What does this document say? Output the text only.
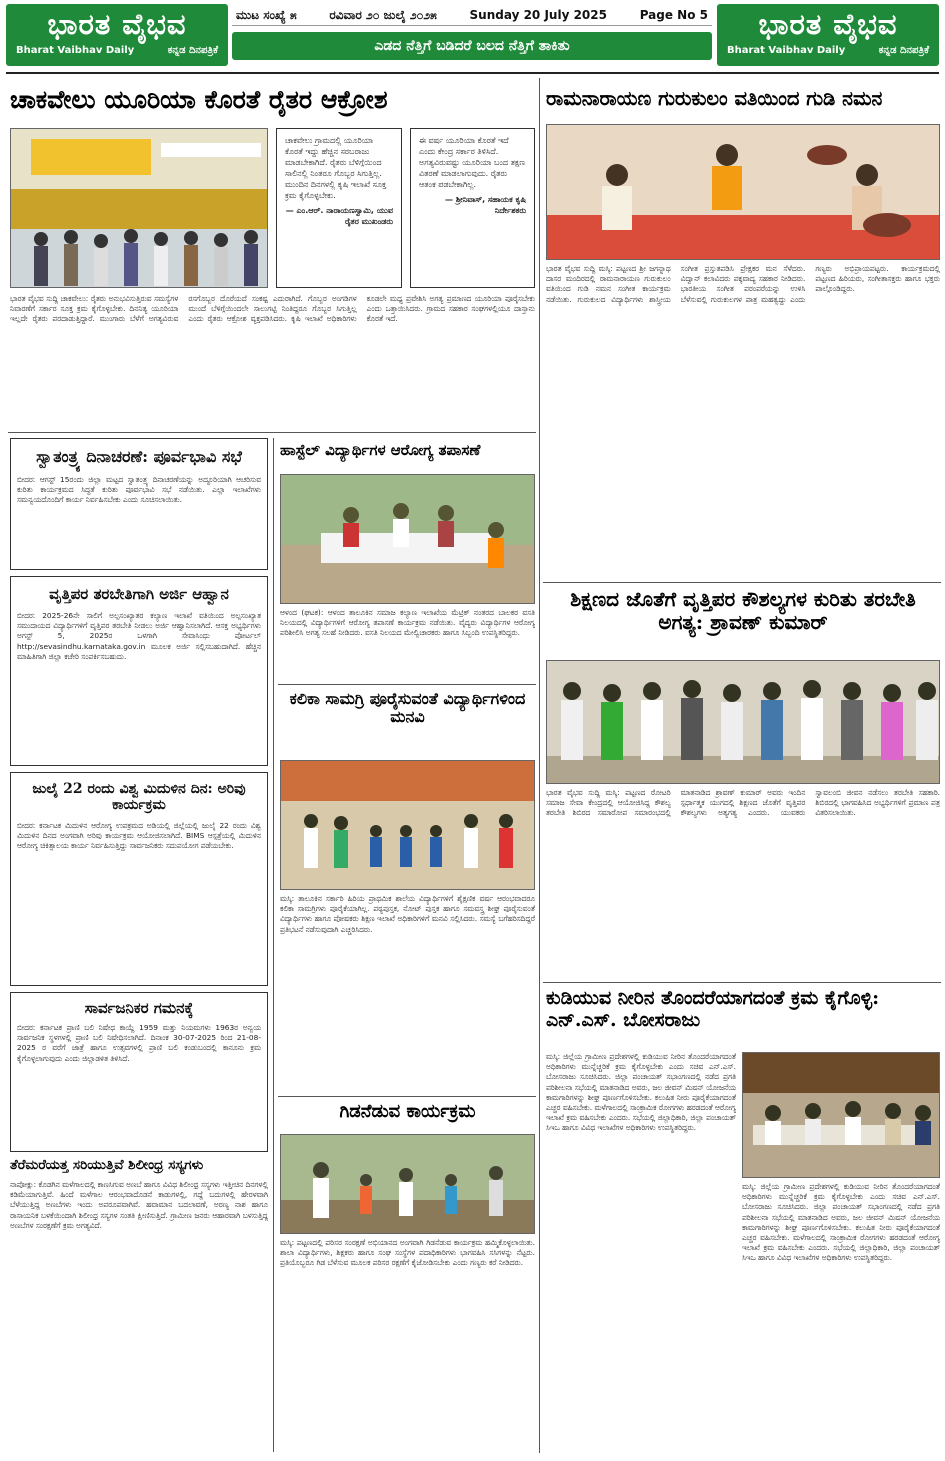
ಭಾರತ ವೈಭವ
Bharat Vaibhav Daily	ಕನ್ನಡ ದಿನಪತ್ರಿಕೆ
ಮುಟ ಸಂಖ್ಯೆ ೫	ರವಿವಾರ ೨೦ ಜುಲೈ ೨೦೨೫	Sunday 20 July 2025	Page No 5
ಎಡದ ನೆತ್ತಿಗೆ ಬಡಿದರೆ ಬಲದ ನೆತ್ತಿಗೆ ತಾಕಿತು
ಭಾರತ ವೈಭವ
Bharat Vaibhav Daily	ಕನ್ನಡ ದಿನಪತ್ರಿಕೆ
ಚಾಕವೇಲು ಯೂರಿಯಾ ಕೊರತೆ ರೈತರ ಆಕ್ರೋಶ
ಚಾಕವೇಲು ಗ್ರಾಮದಲ್ಲಿ ಯೂರಿಯಾ ಕೊರತೆ ಇದ್ದು ಹೆಚ್ಚಿನ ಸರಬರಾಜು ಮಾಡಬೇಕಾಗಿದೆ. ರೈತರು ಬೆಳಿಗ್ಗೆಯಿಂದ ಸಾಲಿನಲ್ಲಿ ನಿಂತರೂ ಗೊಬ್ಬರ ಸಿಗುತ್ತಿಲ್ಲ. ಮುಂದಿನ ದಿನಗಳಲ್ಲಿ ಕೃಷಿ ಇಲಾಖೆ ಸೂಕ್ತ ಕ್ರಮ ಕೈಗೊಳ್ಳಬೇಕು.
— ಎಂ.ಆರ್. ನಾರಾಯಣಸ್ವಾಮಿ, ಯುವ ರೈತರ ಮುಖಂಡರು
ಈ ವರ್ಷ ಯೂರಿಯಾ ಕೊರತೆ ಇದೆ ಎಂದು ಕೇಂದ್ರ ಸರ್ಕಾರ ತಿಳಿಸಿದೆ. ಅಗತ್ಯವಿರುವಷ್ಟು ಯೂರಿಯಾ ಬಂದ ತಕ್ಷಣ ವಿತರಣೆ ಮಾಡಲಾಗುವುದು. ರೈತರು ಆತಂಕ ಪಡಬೇಕಾಗಿಲ್ಲ.
— ಶ್ರೀನಿವಾಸ್, ಸಹಾಯಕ ಕೃಷಿ ನಿರ್ದೇಶಕರು
ಭಾರತ ವೈಭವ ಸುದ್ದಿ ಚಾಕವೇಲು: ರೈತರು ಅನುಭವಿಸುತ್ತಿರುವ ಸಮಸ್ಯೆಗಳ ನಿವಾರಣೆಗೆ ಸರ್ಕಾರ ಸೂಕ್ತ ಕ್ರಮ ಕೈಗೊಳ್ಳಬೇಕು. ದಿನನಿತ್ಯ ಯೂರಿಯಾ ಇಲ್ಲದೇ ರೈತರು ಪರದಾಡುತ್ತಿದ್ದಾರೆ. ಮುಂಗಾರು ಬೆಳೆಗೆ ಅಗತ್ಯವಿರುವ ರಸಗೊಬ್ಬರ ದೊರೆಯದೆ ಸಂಕಷ್ಟ ಎದುರಾಗಿದೆ. ಗೊಬ್ಬರ ಅಂಗಡಿಗಳ ಮುಂದೆ ಬೆಳಿಗ್ಗೆಯಿಂದಲೇ ಸಾಲುಗಟ್ಟಿ ನಿಂತಿದ್ದರೂ ಗೊಬ್ಬರ ಸಿಗುತ್ತಿಲ್ಲ ಎಂದು ರೈತರು ಆಕ್ರೋಶ ವ್ಯಕ್ತಪಡಿಸಿದರು. ಕೃಷಿ ಇಲಾಖೆ ಅಧಿಕಾರಿಗಳು ಕೂಡಲೇ ಮಧ್ಯ ಪ್ರವೇಶಿಸಿ ಅಗತ್ಯ ಪ್ರಮಾಣದ ಯೂರಿಯಾ ಪೂರೈಸಬೇಕು ಎಂದು ಒತ್ತಾಯಿಸಿದರು. ಗ್ರಾಮದ ಸಹಕಾರ ಸಂಘಗಳಲ್ಲಿಯೂ ದಾಸ್ತಾನು ಕೊರತೆ ಇದೆ.
ಸ್ವಾತಂತ್ರ್ಯ ದಿನಾಚರಣೆ: ಪೂರ್ವಭಾವಿ ಸಭೆ
ಬೀದರ: ಆಗಸ್ಟ್ 15ರಂದು ಜಿಲ್ಲಾ ಮಟ್ಟದ ಸ್ವಾತಂತ್ರ್ಯ ದಿನಾಚರಣೆಯನ್ನು ಅದ್ಧೂರಿಯಾಗಿ ಆಚರಿಸುವ ಕುರಿತು ಕಾರ್ಯಕ್ರಮದ ಸಿದ್ಧತೆ ಕುರಿತು ಪೂರ್ವಭಾವಿ ಸಭೆ ನಡೆಯಿತು. ಎಲ್ಲಾ ಇಲಾಖೆಗಳು ಸಮನ್ವಯದೊಂದಿಗೆ ಕಾರ್ಯ ನಿರ್ವಹಿಸಬೇಕು ಎಂದು ಸೂಚಿಸಲಾಯಿತು.
ವೃತ್ತಿಪರ ತರಬೇತಿಗಾಗಿ ಅರ್ಜಿ ಆಹ್ವಾನ
ಬೀದರ: 2025-26ನೇ ಸಾಲಿಗೆ ಅಲ್ಪಸಂಖ್ಯಾತರ ಕಲ್ಯಾಣ ಇಲಾಖೆ ವತಿಯಿಂದ ಅಲ್ಪಸಂಖ್ಯಾತ ಸಮುದಾಯದ ವಿದ್ಯಾರ್ಥಿಗಳಿಗೆ ವೃತ್ತಿಪರ ತರಬೇತಿ ನೀಡಲು ಅರ್ಜಿ ಆಹ್ವಾನಿಸಲಾಗಿದೆ. ಆಸಕ್ತ ಅಭ್ಯರ್ಥಿಗಳು ಅಗಸ್ಟ್ 5, 2025ರ ಒಳಗಾಗಿ ಸೇವಾಸಿಂಧು ಪೋರ್ಟಲ್ http://sevasindhu.karnataka.gov.in ಮೂಲಕ ಅರ್ಜಿ ಸಲ್ಲಿಸಬಹುದಾಗಿದೆ. ಹೆಚ್ಚಿನ ಮಾಹಿತಿಗಾಗಿ ಜಿಲ್ಲಾ ಕಚೇರಿ ಸಂಪರ್ಕಿಸಬಹುದು.
ಜುಲೈ 22 ರಂದು ವಿಶ್ವ ಮಿದುಳಿನ ದಿನ: ಅರಿವು ಕಾರ್ಯಕ್ರಮ
ಬೀದರ: ಕರ್ನಾಟಕ ಮಿದುಳಿನ ಆರೋಗ್ಯ ಉಪಕ್ರಮದ ಅಡಿಯಲ್ಲಿ ಜಿಲ್ಲೆಯಲ್ಲಿ ಜುಲೈ 22 ರಂದು ವಿಶ್ವ ಮಿದುಳಿನ ದಿನದ ಅಂಗವಾಗಿ ಅರಿವು ಕಾರ್ಯಕ್ರಮ ಆಯೋಜಿಸಲಾಗಿದೆ. BIMS ಆಸ್ಪತ್ರೆಯಲ್ಲಿ ಮಿದುಳಿನ ಆರೋಗ್ಯ ಚಿಕಿತ್ಸಾಲಯ ಕಾರ್ಯ ನಿರ್ವಹಿಸುತ್ತಿದ್ದು ಸಾರ್ವಜನಿಕರು ಸದುಪಯೋಗ ಪಡೆಯಬೇಕು.
ಸಾರ್ವಜನಿಕರ ಗಮನಕ್ಕೆ
ಬೀದರ: ಕರ್ನಾಟಕ ಪ್ರಾಣಿ ಬಲಿ ನಿಷೇಧ ಕಾಯ್ದೆ 1959 ಮತ್ತು ನಿಯಮಗಳು 1963ರ ಅನ್ವಯ ಸಾರ್ವಜನಿಕ ಸ್ಥಳಗಳಲ್ಲಿ ಪ್ರಾಣಿ ಬಲಿ ನಿಷೇಧಿಸಲಾಗಿದೆ. ದಿನಾಂಕ 30-07-2025 ರಿಂದ 21-08-2025 ರ ವರೆಗೆ ಜಾತ್ರೆ ಹಾಗೂ ಉತ್ಸವಗಳಲ್ಲಿ ಪ್ರಾಣಿ ಬಲಿ ಕಂಡುಬಂದಲ್ಲಿ ಕಾನೂನು ಕ್ರಮ ಕೈಗೊಳ್ಳಲಾಗುವುದು ಎಂದು ಜಿಲ್ಲಾಡಳಿತ ತಿಳಿಸಿದೆ.
ತೆರೆಮರೆಯತ್ತ ಸರಿಯುತ್ತಿವೆ ಶಿಲೀಂಧ್ರ ಸಸ್ಯಗಳು
ನಾಪೋಕ್ಲು: ಕೊಡಗಿನ ಮಳೆಗಾಲದಲ್ಲಿ ಕಾಣಸಿಗುವ ಅಣಬೆ ಹಾಗೂ ವಿವಿಧ ಶಿಲೀಂಧ್ರ ಸಸ್ಯಗಳು ಇತ್ತೀಚಿನ ದಿನಗಳಲ್ಲಿ ಕಡಿಮೆಯಾಗುತ್ತಿವೆ. ಹಿಂದೆ ಮಳೆಗಾಲ ಆರಂಭವಾದೊಡನೆ ಕಾಡುಗಳಲ್ಲಿ, ಗದ್ದೆ ಬದುಗಳಲ್ಲಿ ಹೇರಳವಾಗಿ ಬೆಳೆಯುತ್ತಿದ್ದ ಅಣಬೆಗಳು ಇಂದು ಅಪರೂಪವಾಗಿವೆ. ಹವಾಮಾನ ಬದಲಾವಣೆ, ಅರಣ್ಯ ನಾಶ ಹಾಗೂ ರಾಸಾಯನಿಕ ಬಳಕೆಯಿಂದಾಗಿ ಶಿಲೀಂಧ್ರ ಸಸ್ಯಗಳ ಸಂತತಿ ಕ್ಷೀಣಿಸುತ್ತಿದೆ. ಗ್ರಾಮೀಣ ಜನರು ಆಹಾರವಾಗಿ ಬಳಸುತ್ತಿದ್ದ ಅಣಬೆಗಳ ಸಂರಕ್ಷಣೆಗೆ ಕ್ರಮ ಅಗತ್ಯವಿದೆ.
ಹಾಸ್ಟೆಲ್ ವಿದ್ಯಾರ್ಥಿಗಳ ಆರೋಗ್ಯ ತಪಾಸಣೆ
ಆಳಂದ (ಘಟಕ): ಆಳಂದ ತಾಲೂಕಿನ ಸಮಾಜ ಕಲ್ಯಾಣ ಇಲಾಖೆಯ ಮೆಟ್ರಿಕ್ ನಂತರದ ಬಾಲಕರ ವಸತಿ ನಿಲಯದಲ್ಲಿ ವಿದ್ಯಾರ್ಥಿಗಳಿಗೆ ಆರೋಗ್ಯ ತಪಾಸಣೆ ಕಾರ್ಯಕ್ರಮ ನಡೆಯಿತು. ವೈದ್ಯರು ವಿದ್ಯಾರ್ಥಿಗಳ ಆರೋಗ್ಯ ಪರಿಶೀಲಿಸಿ ಅಗತ್ಯ ಸಲಹೆ ನೀಡಿದರು. ವಸತಿ ನಿಲಯದ ಮೇಲ್ವಿಚಾರಕರು ಹಾಗೂ ಸಿಬ್ಬಂದಿ ಉಪಸ್ಥಿತರಿದ್ದರು.
ಕಲಿಕಾ ಸಾಮಗ್ರಿ ಪೂರೈಸುವಂತೆ ವಿದ್ಯಾರ್ಥಿಗಳಿಂದ ಮನವಿ
ಮಸ್ಕಿ: ತಾಲೂಕಿನ ಸರ್ಕಾರಿ ಹಿರಿಯ ಪ್ರಾಥಮಿಕ ಶಾಲೆಯ ವಿದ್ಯಾರ್ಥಿಗಳಿಗೆ ಶೈಕ್ಷಣಿಕ ವರ್ಷ ಆರಂಭವಾದರೂ ಕಲಿಕಾ ಸಾಮಗ್ರಿಗಳು ಪೂರೈಕೆಯಾಗಿಲ್ಲ. ಪಠ್ಯಪುಸ್ತಕ, ನೋಟ್ ಪುಸ್ತಕ ಹಾಗೂ ಸಮವಸ್ತ್ರ ಶೀಘ್ರ ಪೂರೈಸುವಂತೆ ವಿದ್ಯಾರ್ಥಿಗಳು ಹಾಗೂ ಪೋಷಕರು ಶಿಕ್ಷಣ ಇಲಾಖೆ ಅಧಿಕಾರಿಗಳಿಗೆ ಮನವಿ ಸಲ್ಲಿಸಿದರು. ಸಮಸ್ಯೆ ಬಗೆಹರಿಸದಿದ್ದರೆ ಪ್ರತಿಭಟನೆ ನಡೆಸುವುದಾಗಿ ಎಚ್ಚರಿಸಿದರು.
ಗಿಡನೆಡುವ ಕಾರ್ಯಕ್ರಮ
ಮಸ್ಕಿ: ಪಟ್ಟಣದಲ್ಲಿ ಪರಿಸರ ಸಂರಕ್ಷಣೆ ಅಭಿಯಾನದ ಅಂಗವಾಗಿ ಗಿಡನೆಡುವ ಕಾರ್ಯಕ್ರಮ ಹಮ್ಮಿಕೊಳ್ಳಲಾಯಿತು. ಶಾಲಾ ವಿದ್ಯಾರ್ಥಿಗಳು, ಶಿಕ್ಷಕರು ಹಾಗೂ ಸಂಘ ಸಂಸ್ಥೆಗಳ ಪದಾಧಿಕಾರಿಗಳು ಭಾಗವಹಿಸಿ ಸಸಿಗಳನ್ನು ನೆಟ್ಟರು. ಪ್ರತಿಯೊಬ್ಬರೂ ಗಿಡ ಬೆಳೆಸುವ ಮೂಲಕ ಪರಿಸರ ರಕ್ಷಣೆಗೆ ಕೈಜೋಡಿಸಬೇಕು ಎಂದು ಗಣ್ಯರು ಕರೆ ನೀಡಿದರು.
ರಾಮನಾರಾಯಣ ಗುರುಕುಲಂ ವತಿಯಿಂದ ಗುಡಿ ನಮನ
ಭಾರತ ವೈಭವ ಸುದ್ದಿ ಮಸ್ಕಿ: ಪಟ್ಟಣದ ಶ್ರೀ ಜಗನ್ನಾಥ ದಾಸರ ಮಂದಿರದಲ್ಲಿ ರಾಮನಾರಾಯಣ ಗುರುಕುಲಂ ವತಿಯಿಂದ ಗುಡಿ ನಮನ ಸಂಗೀತ ಕಾರ್ಯಕ್ರಮ ನಡೆಯಿತು. ಗುರುಕುಲದ ವಿದ್ಯಾರ್ಥಿಗಳು ಶಾಸ್ತ್ರೀಯ ಸಂಗೀತ ಪ್ರಸ್ತುತಪಡಿಸಿ ಪ್ರೇಕ್ಷಕರ ಮನ ಸೆಳೆದರು. ವಿದ್ವಾನ್ ಕಲಾವಿದರು ಪಕ್ಕವಾದ್ಯ ಸಹಕಾರ ನೀಡಿದರು. ಭಾರತೀಯ ಸಂಗೀತ ಪರಂಪರೆಯನ್ನು ಉಳಿಸಿ ಬೆಳೆಸುವಲ್ಲಿ ಗುರುಕುಲಗಳ ಪಾತ್ರ ಮಹತ್ವದ್ದು ಎಂದು ಗಣ್ಯರು ಅಭಿಪ್ರಾಯಪಟ್ಟರು. ಕಾರ್ಯಕ್ರಮದಲ್ಲಿ ಪಟ್ಟಣದ ಹಿರಿಯರು, ಸಂಗೀತಾಸಕ್ತರು ಹಾಗೂ ಭಕ್ತರು ಪಾಲ್ಗೊಂಡಿದ್ದರು.
ಶಿಕ್ಷಣದ ಜೊತೆಗೆ ವೃತ್ತಿಪರ ಕೌಶಲ್ಯಗಳ ಕುರಿತು ತರಬೇತಿ ಅಗತ್ಯ: ಶ್ರಾವಣ್ ಕುಮಾರ್
ಭಾರತ ವೈಭವ ಸುದ್ದಿ ಮಸ್ಕಿ: ಪಟ್ಟಣದ ರೋಟರಿ ಸಮಾಜ ಸೇವಾ ಕೇಂದ್ರದಲ್ಲಿ ಆಯೋಜಿಸಿದ್ದ ಕೌಶಲ್ಯ ತರಬೇತಿ ಶಿಬಿರದ ಸಮಾರೋಪ ಸಮಾರಂಭದಲ್ಲಿ ಮಾತನಾಡಿದ ಶ್ರಾವಣ್ ಕುಮಾರ್ ಅವರು ಇಂದಿನ ಸ್ಪರ್ಧಾತ್ಮಕ ಯುಗದಲ್ಲಿ ಶಿಕ್ಷಣದ ಜೊತೆಗೆ ವೃತ್ತಿಪರ ಕೌಶಲ್ಯಗಳು ಅತ್ಯಗತ್ಯ ಎಂದರು. ಯುವಕರು ಸ್ವಾವಲಂಬಿ ಜೀವನ ನಡೆಸಲು ತರಬೇತಿ ಸಹಕಾರಿ. ಶಿಬಿರದಲ್ಲಿ ಭಾಗವಹಿಸಿದ ಅಭ್ಯರ್ಥಿಗಳಿಗೆ ಪ್ರಮಾಣ ಪತ್ರ ವಿತರಿಸಲಾಯಿತು.
ಕುಡಿಯುವ ನೀರಿನ ತೊಂದರೆಯಾಗದಂತೆ ಕ್ರಮ ಕೈಗೊಳ್ಳಿ: ಎನ್.ಎಸ್. ಬೋಸರಾಜು
ಮಸ್ಕಿ: ಜಿಲ್ಲೆಯ ಗ್ರಾಮೀಣ ಪ್ರದೇಶಗಳಲ್ಲಿ ಕುಡಿಯುವ ನೀರಿನ ತೊಂದರೆಯಾಗದಂತೆ ಅಧಿಕಾರಿಗಳು ಮುನ್ನೆಚ್ಚರಿಕೆ ಕ್ರಮ ಕೈಗೊಳ್ಳಬೇಕು ಎಂದು ಸಚಿವ ಎನ್.ಎಸ್. ಬೋಸರಾಜು ಸೂಚಿಸಿದರು. ಜಿಲ್ಲಾ ಪಂಚಾಯತ್ ಸಭಾಂಗಣದಲ್ಲಿ ನಡೆದ ಪ್ರಗತಿ ಪರಿಶೀಲನಾ ಸಭೆಯಲ್ಲಿ ಮಾತನಾಡಿದ ಅವರು, ಜಲ ಜೀವನ್ ಮಿಷನ್ ಯೋಜನೆಯ ಕಾಮಗಾರಿಗಳನ್ನು ಶೀಘ್ರ ಪೂರ್ಣಗೊಳಿಸಬೇಕು. ಕಲುಷಿತ ನೀರು ಪೂರೈಕೆಯಾಗದಂತೆ ಎಚ್ಚರ ವಹಿಸಬೇಕು. ಮಳೆಗಾಲದಲ್ಲಿ ಸಾಂಕ್ರಾಮಿಕ ರೋಗಗಳು ಹರಡದಂತೆ ಆರೋಗ್ಯ ಇಲಾಖೆ ಕ್ರಮ ವಹಿಸಬೇಕು ಎಂದರು. ಸಭೆಯಲ್ಲಿ ಜಿಲ್ಲಾಧಿಕಾರಿ, ಜಿಲ್ಲಾ ಪಂಚಾಯತ್ ಸಿಇಒ ಹಾಗೂ ವಿವಿಧ ಇಲಾಖೆಗಳ ಅಧಿಕಾರಿಗಳು ಉಪಸ್ಥಿತರಿದ್ದರು.
ಮಸ್ಕಿ: ಜಿಲ್ಲೆಯ ಗ್ರಾಮೀಣ ಪ್ರದೇಶಗಳಲ್ಲಿ ಕುಡಿಯುವ ನೀರಿನ ತೊಂದರೆಯಾಗದಂತೆ ಅಧಿಕಾರಿಗಳು ಮುನ್ನೆಚ್ಚರಿಕೆ ಕ್ರಮ ಕೈಗೊಳ್ಳಬೇಕು ಎಂದು ಸಚಿವ ಎನ್.ಎಸ್. ಬೋಸರಾಜು ಸೂಚಿಸಿದರು. ಜಿಲ್ಲಾ ಪಂಚಾಯತ್ ಸಭಾಂಗಣದಲ್ಲಿ ನಡೆದ ಪ್ರಗತಿ ಪರಿಶೀಲನಾ ಸಭೆಯಲ್ಲಿ ಮಾತನಾಡಿದ ಅವರು, ಜಲ ಜೀವನ್ ಮಿಷನ್ ಯೋಜನೆಯ ಕಾಮಗಾರಿಗಳನ್ನು ಶೀಘ್ರ ಪೂರ್ಣಗೊಳಿಸಬೇಕು. ಕಲುಷಿತ ನೀರು ಪೂರೈಕೆಯಾಗದಂತೆ ಎಚ್ಚರ ವಹಿಸಬೇಕು. ಮಳೆಗಾಲದಲ್ಲಿ ಸಾಂಕ್ರಾಮಿಕ ರೋಗಗಳು ಹರಡದಂತೆ ಆರೋಗ್ಯ ಇಲಾಖೆ ಕ್ರಮ ವಹಿಸಬೇಕು ಎಂದರು. ಸಭೆಯಲ್ಲಿ ಜಿಲ್ಲಾಧಿಕಾರಿ, ಜಿಲ್ಲಾ ಪಂಚಾಯತ್ ಸಿಇಒ ಹಾಗೂ ವಿವಿಧ ಇಲಾಖೆಗಳ ಅಧಿಕಾರಿಗಳು ಉಪಸ್ಥಿತರಿದ್ದರು.
